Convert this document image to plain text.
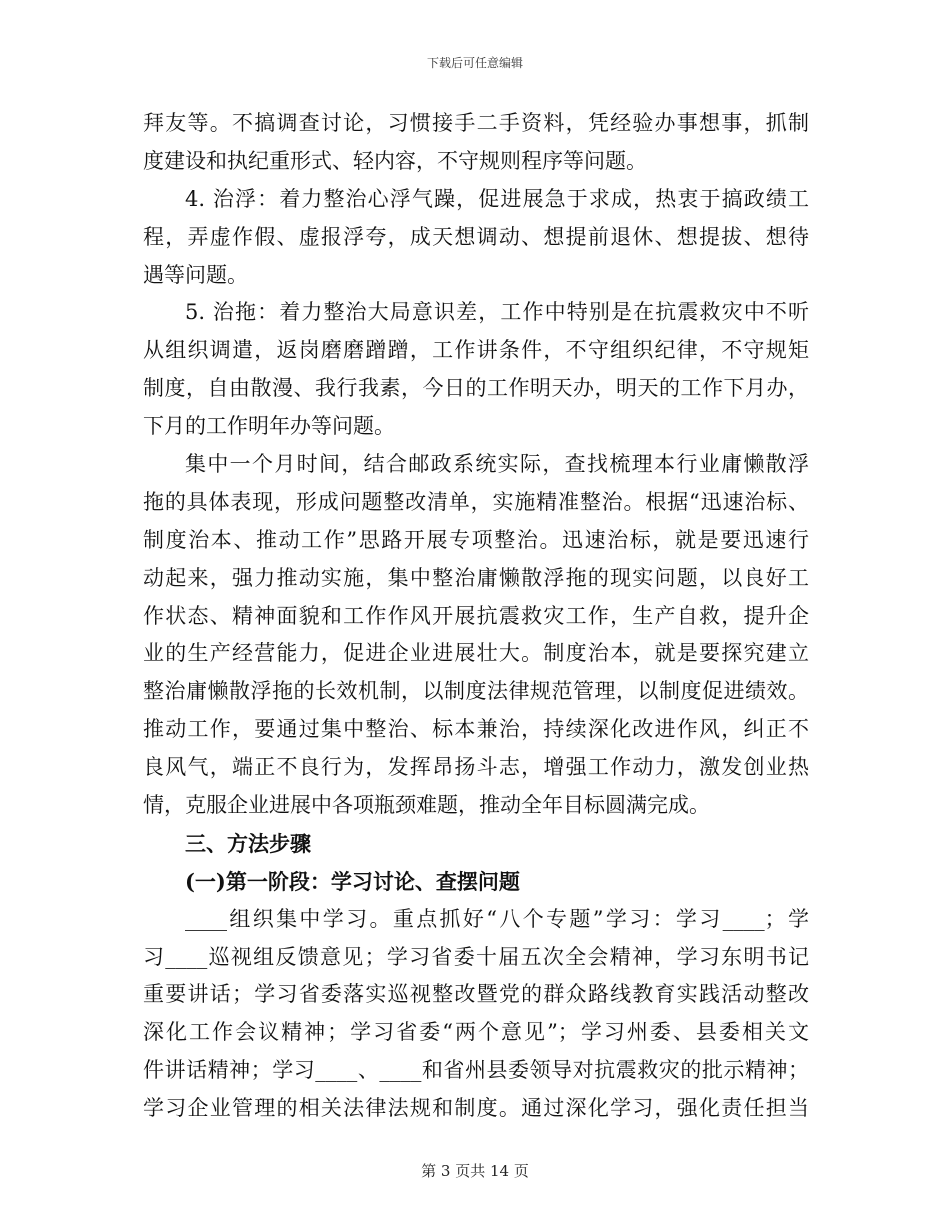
下载后可任意编辑
拜友等。不搞调查讨论，习惯接手二手资料，凭经验办事想事，抓制
度建设和执纪重形式、轻内容，不守规则程序等问题。
4. 治浮：着力整治心浮气躁，促进展急于求成，热衷于搞政绩工
程，弄虚作假、虚报浮夸，成天想调动、想提前退休、想提拔、想待
遇等问题。
5. 治拖：着力整治大局意识差，工作中特别是在抗震救灾中不听
从组织调遣，返岗磨磨蹭蹭，工作讲条件，不守组织纪律，不守规矩
制度，自由散漫、我行我素，今日的工作明天办，明天的工作下月办，
下月的工作明年办等问题。
集中一个月时间，结合邮政系统实际，查找梳理本行业庸懒散浮
拖的具体表现，形成问题整改清单，实施精准整治。根据“迅速治标、
制度治本、推动工作”思路开展专项整治。迅速治标，就是要迅速行
动起来，强力推动实施，集中整治庸懒散浮拖的现实问题，以良好工
作状态、精神面貌和工作作风开展抗震救灾工作，生产自救，提升企
业的生产经营能力，促进企业进展壮大。制度治本，就是要探究建立
整治庸懒散浮拖的长效机制，以制度法律规范管理，以制度促进绩效。
推动工作，要通过集中整治、标本兼治，持续深化改进作风，纠正不
良风气，端正不良行为，发挥昂扬斗志，增强工作动力，激发创业热
情，克服企业进展中各项瓶颈难题，推动全年目标圆满完成。
三、方法步骤
(一)第一阶段：学习讨论、查摆问题
____组织集中学习。重点抓好“八个专题”学习：学习____；学
习____巡视组反馈意见；学习省委十届五次全会精神，学习东明书记
重要讲话；学习省委落实巡视整改暨党的群众路线教育实践活动整改
深化工作会议精神；学习省委“两个意见”；学习州委、县委相关文
件讲话精神；学习____、____和省州县委领导对抗震救灾的批示精神；
学习企业管理的相关法律法规和制度。通过深化学习，强化责任担当
第 3 页共 14 页
